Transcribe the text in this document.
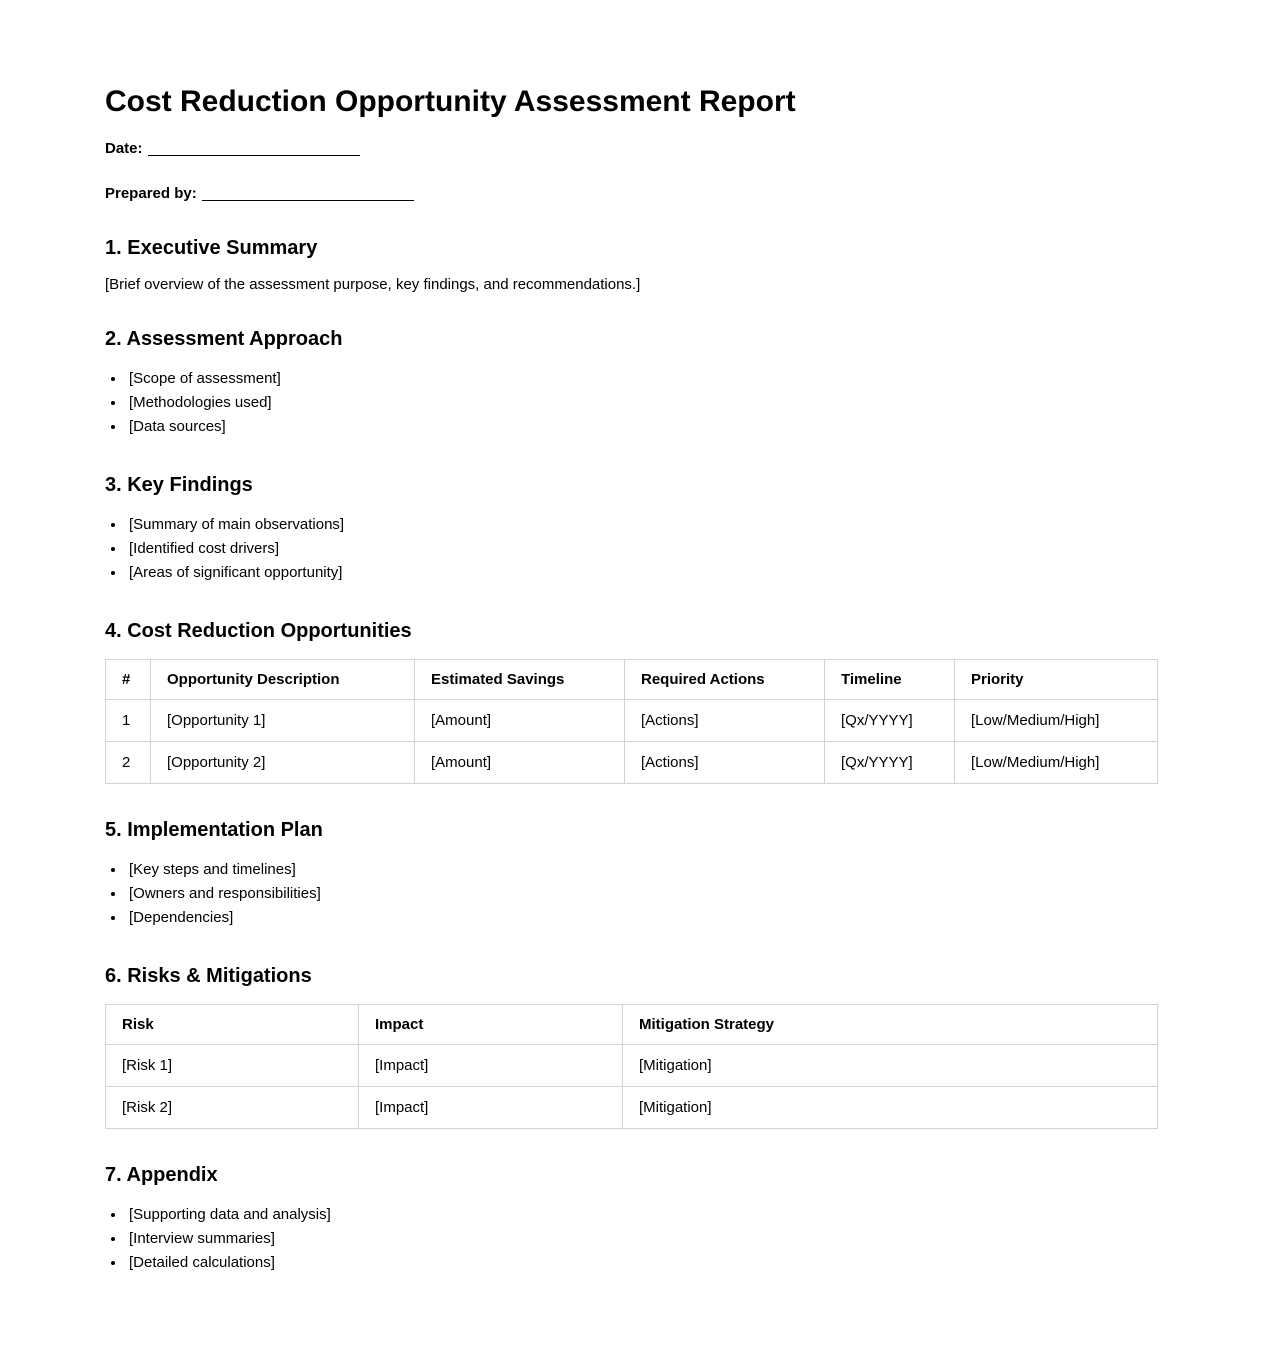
Cost Reduction Opportunity Assessment Report

Date:

Prepared by:

1. Executive Summary

[Brief overview of the assessment purpose, key findings, and recommendations.]

2. Assessment Approach
• [Scope of assessment]
• [Methodologies used]
• [Data sources]
3. Key Findings
• [Summary of main observations]
• [Identified cost drivers]
• [Areas of significant opportunity]
4. Cost Reduction Opportunities
#	Opportunity Description	Estimated Savings	Required Actions	Timeline	Priority
1	[Opportunity 1]	[Amount]	[Actions]	[Qx/YYYY]	[Low/Medium/High]
2	[Opportunity 2]	[Amount]	[Actions]	[Qx/YYYY]	[Low/Medium/High]
5. Implementation Plan
• [Key steps and timelines]
• [Owners and responsibilities]
• [Dependencies]
6. Risks & Mitigations
Risk	Impact	Mitigation Strategy
[Risk 1]	[Impact]	[Mitigation]
[Risk 2]	[Impact]	[Mitigation]
7. Appendix
• [Supporting data and analysis]
• [Interview summaries]
• [Detailed calculations]
